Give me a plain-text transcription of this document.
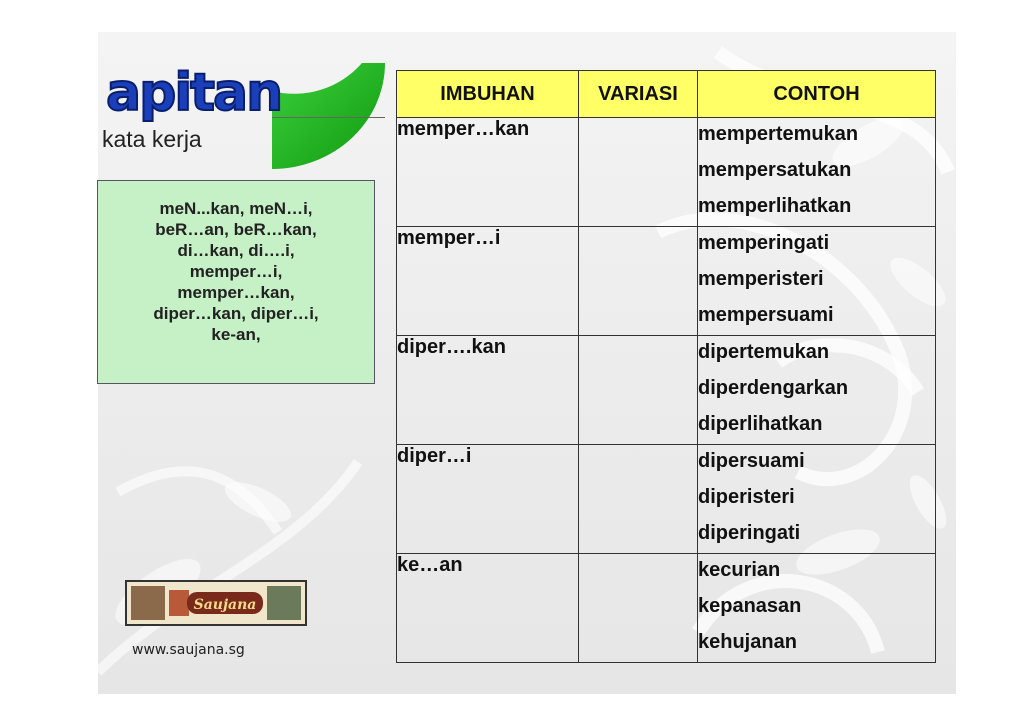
apitan
kata kerja
meN...kan, meN…i,
beR…an, beR…kan,
di…kan, di….i,
memper…i,
memper…kan,
diper…kan, diper…i,
ke-an,
IMBUHAN	VARIASI	CONTOH
memper…kan		mempertemukan
mempersatukan
memperlihatkan

memper…i		memperingati
memperisteri
mempersuami

diper….kan		dipertemukan
diperdengarkan
diperlihatkan

diper…i		dipersuami
diperisteri
diperingati

ke…an		kecurian
kepanasan
kehujanan
Saujana
www.saujana.sg
